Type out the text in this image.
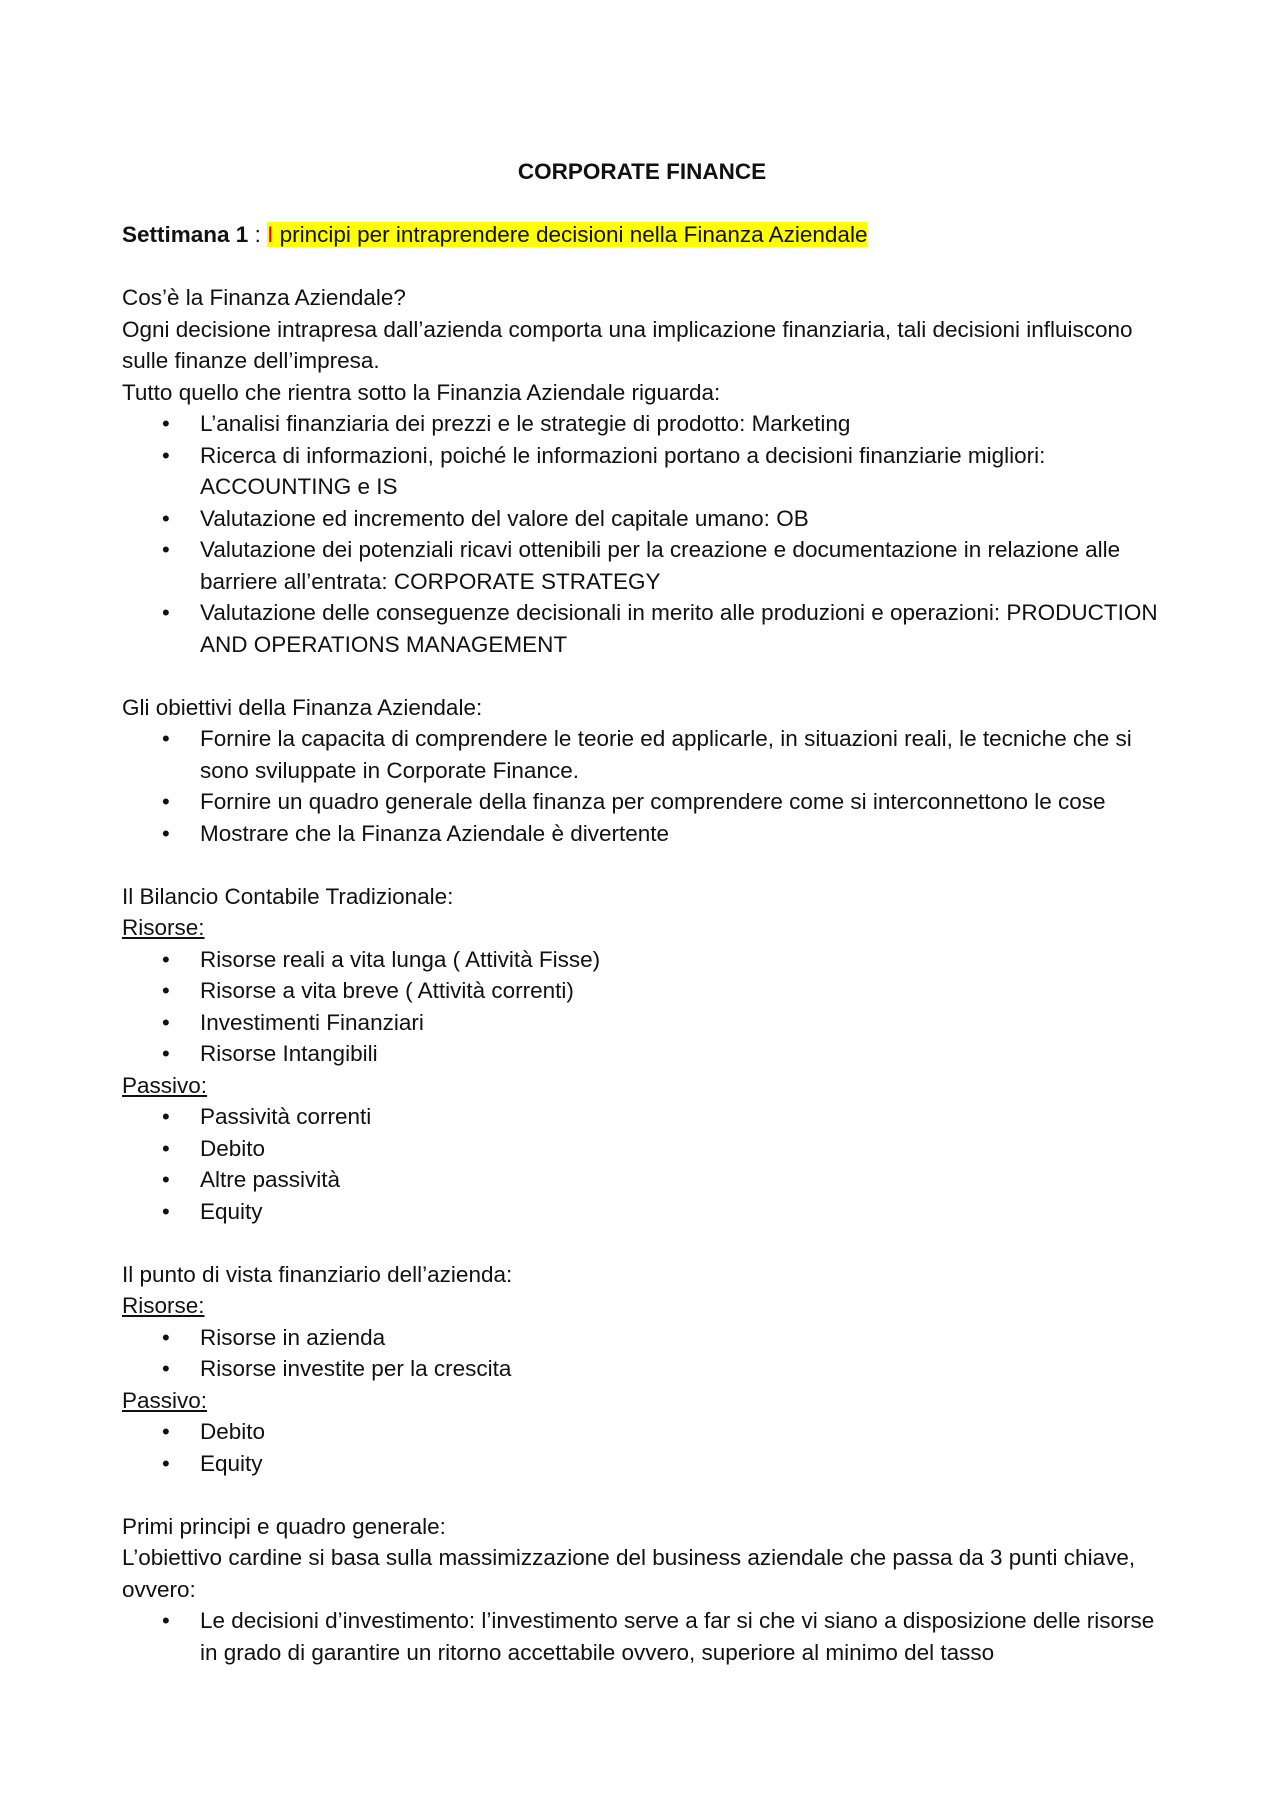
CORPORATE FINANCE

Settimana 1 : I principi per intraprendere decisioni nella Finanza Aziendale

Cos’è la Finanza Aziendale?

Ogni decisione intrapresa dall’azienda comporta una implicazione finanziaria, tali decisioni influiscono sulle finanze dell’impresa.

Tutto quello che rientra sotto la Finanzia Aziendale riguarda:

• L’analisi finanziaria dei prezzi e le strategie di prodotto: Marketing
• Ricerca di informazioni, poiché le informazioni portano a decisioni finanziarie migliori: ACCOUNTING e IS
• Valutazione ed incremento del valore del capitale umano: OB
• Valutazione dei potenziali ricavi ottenibili per la creazione e documentazione in relazione alle barriere all’entrata: CORPORATE STRATEGY
• Valutazione delle conseguenze decisionali in merito alle produzioni e operazioni: PRODUCTION AND OPERATIONS MANAGEMENT

Gli obiettivi della Finanza Aziendale:

• Fornire la capacita di comprendere le teorie ed applicarle, in situazioni reali, le tecniche che si sono sviluppate in Corporate Finance.
• Fornire un quadro generale della finanza per comprendere come si interconnettono le cose
• Mostrare che la Finanza Aziendale è divertente

Il Bilancio Contabile Tradizionale:

Risorse:

• Risorse reali a vita lunga ( Attività Fisse)
• Risorse a vita breve ( Attività correnti)
• Investimenti Finanziari
• Risorse Intangibili

Passivo:

• Passività correnti
• Debito
• Altre passività
• Equity

Il punto di vista finanziario dell’azienda:

Risorse:

• Risorse in azienda
• Risorse investite per la crescita

Passivo:

• Debito
• Equity

Primi principi e quadro generale:

L’obiettivo cardine si basa sulla massimizzazione del business aziendale che passa da 3 punti chiave, ovvero:

• Le decisioni d’investimento: l’investimento serve a far si che vi siano a disposizione delle risorse in grado di garantire un ritorno accettabile ovvero, superiore al minimo del tasso
